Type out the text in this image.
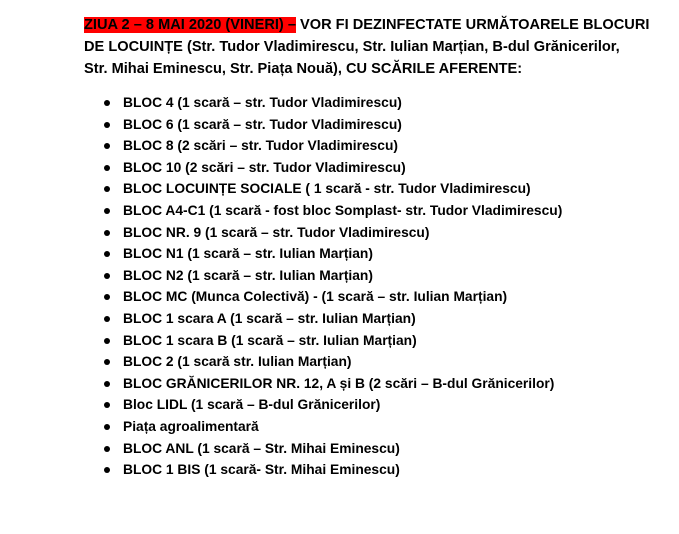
ZIUA 2 – 8 MAI 2020 (VINERI) – VOR FI DEZINFECTATE URMĂTOARELE BLOCURI
DE LOCUINȚE (Str. Tudor Vladimirescu, Str. Iulian Marțian, B-dul Grănicerilor,
Str. Mihai Eminescu, Str. Piața Nouă), CU SCĂRILE AFERENTE:
BLOC 4 (1 scară – str. Tudor Vladimirescu)
BLOC 6 (1 scară – str. Tudor Vladimirescu)
BLOC 8 (2 scări – str. Tudor Vladimirescu)
BLOC 10 (2 scări – str. Tudor Vladimirescu)
BLOC LOCUINȚE SOCIALE ( 1 scară - str. Tudor Vladimirescu)
BLOC A4-C1 (1 scară - fost bloc Somplast- str. Tudor Vladimirescu)
BLOC NR. 9 (1 scară – str. Tudor Vladimirescu)
BLOC N1 (1 scară – str. Iulian Marțian)
BLOC N2 (1 scară – str. Iulian Marțian)
BLOC MC (Munca Colectivă) - (1 scară – str. Iulian Marțian)
BLOC 1 scara A (1 scară – str. Iulian Marțian)
BLOC 1 scara B (1 scară – str. Iulian Marțian)
BLOC 2 (1 scară str. Iulian Marțian)
BLOC GRĂNICERILOR NR. 12, A și B (2 scări – B-dul Grănicerilor)
Bloc LIDL (1 scară – B-dul Grănicerilor)
Piața agroalimentară
BLOC ANL (1 scară – Str. Mihai Eminescu)
BLOC 1 BIS (1 scară- Str. Mihai Eminescu)
